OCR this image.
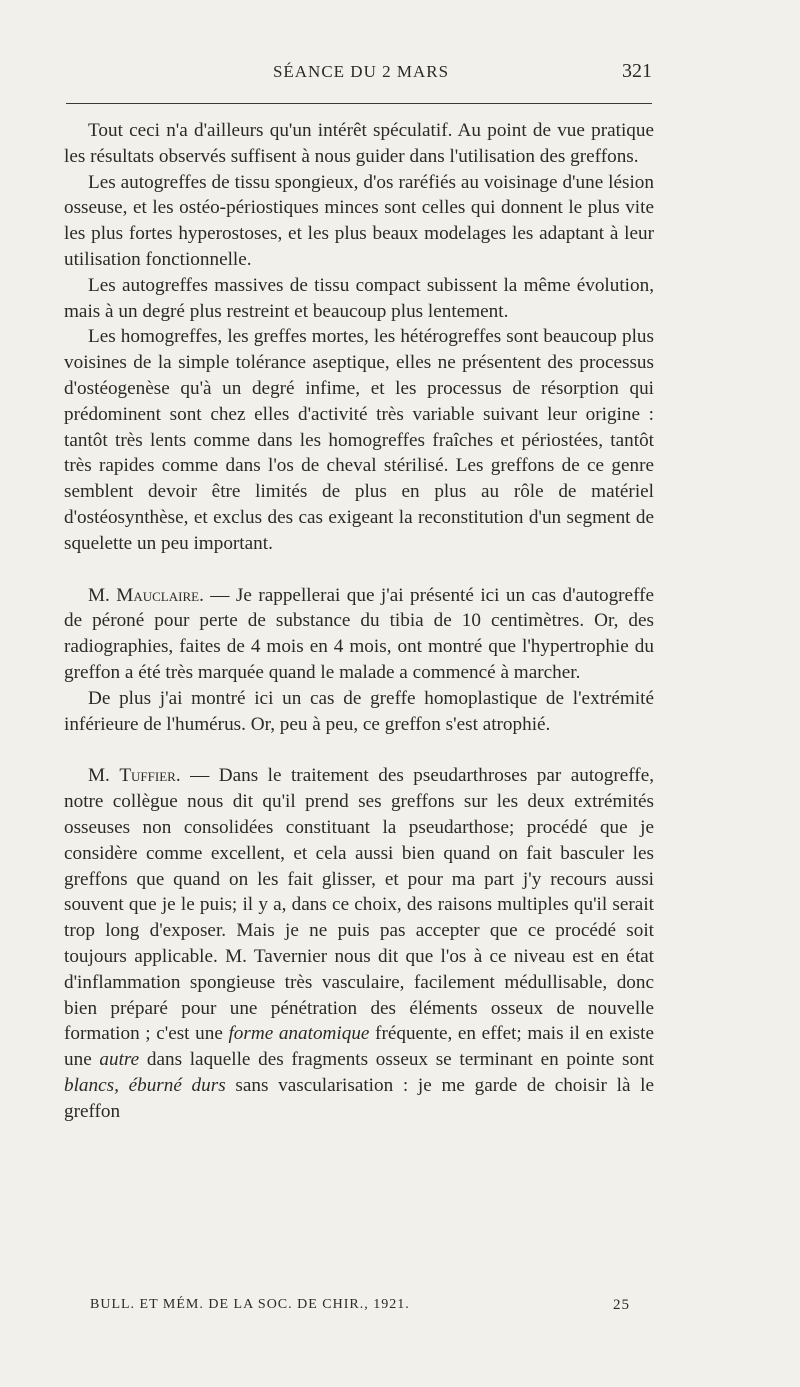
SÉANCE DU 2 MARS	321

Tout ceci n'a d'ailleurs qu'un intérêt spéculatif. Au point de vue pratique les résultats observés suffisent à nous guider dans l'utilisation des greffons.

Les autogreffes de tissu spongieux, d'os raréfiés au voisinage d'une lésion osseuse, et les ostéo-périostiques minces sont celles qui donnent le plus vite les plus fortes hyperostoses, et les plus beaux modelages les adaptant à leur utilisation fonctionnelle.

Les autogreffes massives de tissu compact subissent la même évolution, mais à un degré plus restreint et beaucoup plus lentement.

Les homogreffes, les greffes mortes, les hétérogreffes sont beaucoup plus voisines de la simple tolérance aseptique, elles ne présentent des processus d'ostéogenèse qu'à un degré infime, et les processus de résorption qui prédominent sont chez elles d'activité très variable suivant leur origine : tantôt très lents comme dans les homogreffes fraîches et périostées, tantôt très rapides comme dans l'os de cheval stérilisé. Les greffons de ce genre semblent devoir être limités de plus en plus au rôle de matériel d'ostéosynthèse, et exclus des cas exigeant la reconstitution d'un segment de squelette un peu important.

M. Mauclaire. — Je rappellerai que j'ai présenté ici un cas d'autogreffe de péroné pour perte de substance du tibia de 10 centimètres. Or, des radiographies, faites de 4 mois en 4 mois, ont montré que l'hypertrophie du greffon a été très marquée quand le malade a commencé à marcher.

De plus j'ai montré ici un cas de greffe homoplastique de l'extrémité inférieure de l'humérus. Or, peu à peu, ce greffon s'est atrophié.

M. Tuffier. — Dans le traitement des pseudarthroses par autogreffe, notre collègue nous dit qu'il prend ses greffons sur les deux extrémités osseuses non consolidées constituant la pseudarthose; procédé que je considère comme excellent, et cela aussi bien quand on fait basculer les greffons que quand on les fait glisser, et pour ma part j'y recours aussi souvent que je le puis; il y a, dans ce choix, des raisons multiples qu'il serait trop long d'exposer. Mais je ne puis pas accepter que ce procédé soit toujours applicable. M. Tavernier nous dit que l'os à ce niveau est en état d'inflammation spongieuse très vasculaire, facilement médullisable, donc bien préparé pour une pénétration des éléments osseux de nouvelle formation ; c'est une forme anatomique fréquente, en effet; mais il en existe une autre dans laquelle des fragments osseux se terminant en pointe sont blancs, éburné durs sans vascularisation : je me garde de choisir là le greffon

BULL. ET MÉM. DE LA SOC. DE CHIR., 1921.	25
